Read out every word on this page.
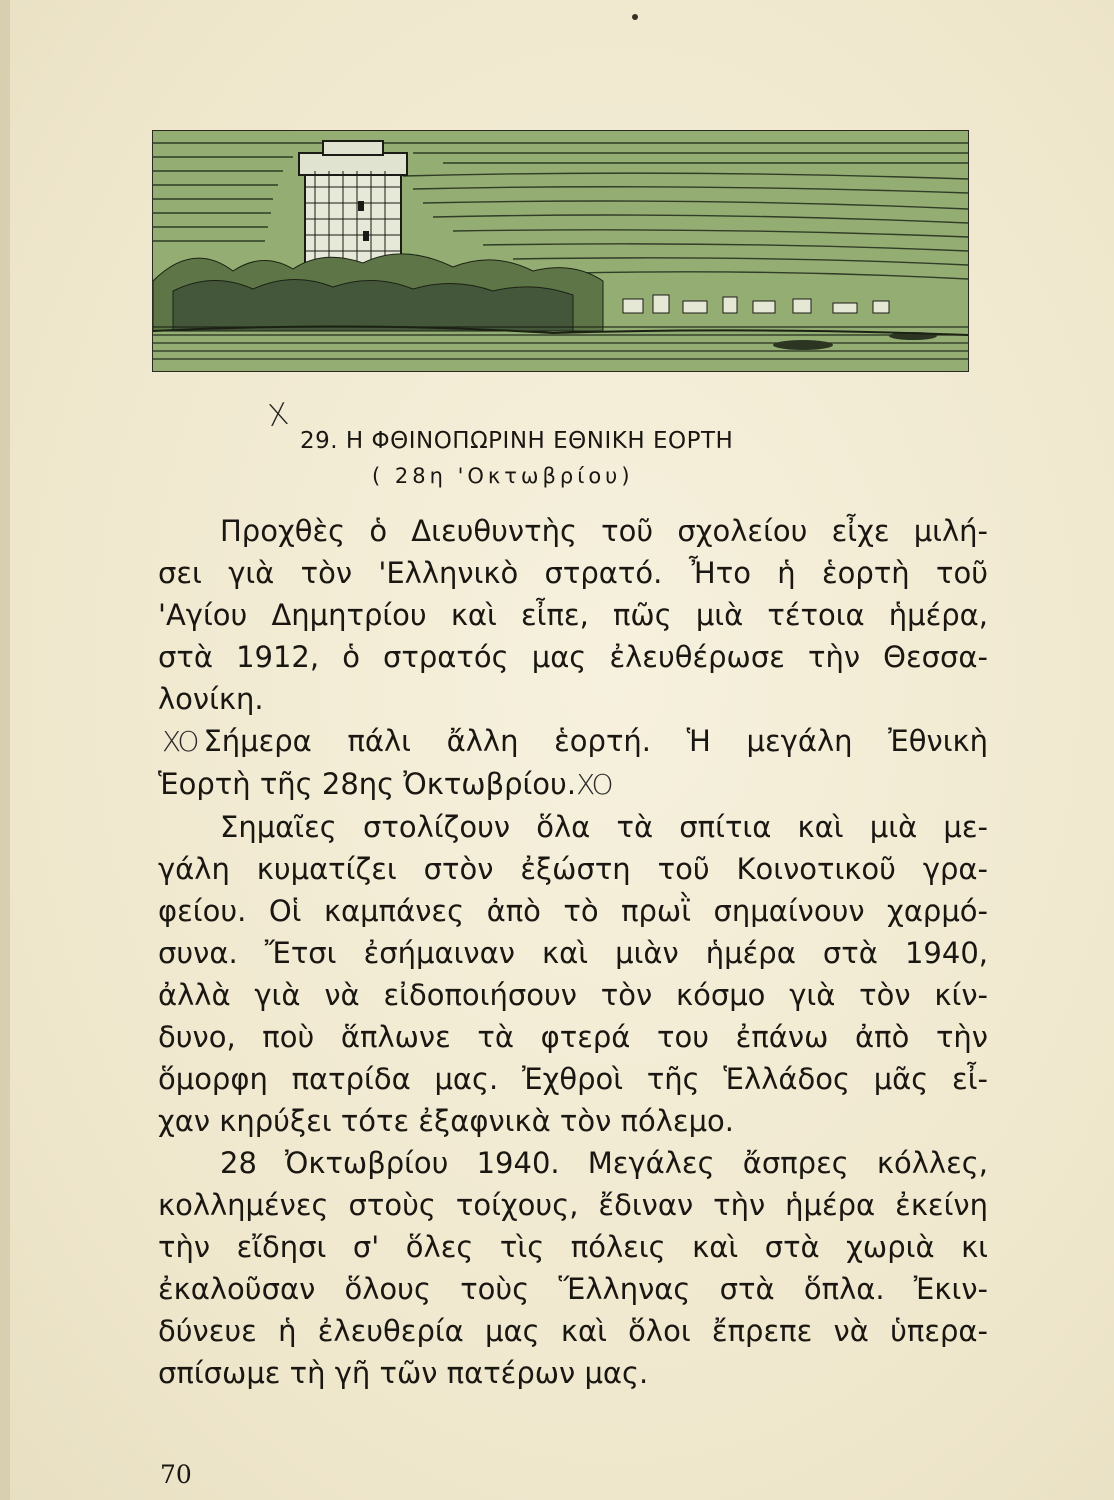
X
29. Η ΦΘΙΝΟΠΩΡΙΝΗ ΕΘΝΙΚΗ ΕΟΡΤΗ
( 28η 'Οκτωβρίου)
Προχθὲς ὁ Διευθυντὴς τοῦ σχολείου εἶχε μιλή-
σει γιὰ τὸν 'Ελληνικὸ στρατό. Ἦτο ἡ ἑορτὴ τοῦ
'Αγίου Δημητρίου καὶ εἶπε, πῶς μιὰ τέτοια ἡμέρα,
στὰ 1912, ὁ στρατός μας ἐλευθέρωσε τὴν Θεσσα-
λονίκη.
XO Σήμερα πάλι ἄλλη ἑορτή. Ἡ μεγάλη Ἐθνικὴ
Ἑορτὴ τῆς 28ης Ὀκτωβρίου.XO
Σημαῖες στολίζουν ὅλα τὰ σπίτια καὶ μιὰ με-
γάλη κυματίζει στὸν ἐξώστη τοῦ Κοινοτικοῦ γρα-
φείου. Οἱ καμπάνες ἀπὸ τὸ πρωῒ σημαίνουν χαρμό-
συνα. Ἔτσι ἐσήμαιναν καὶ μιὰν ἡμέρα στὰ 1940,
ἀλλὰ γιὰ νὰ εἰδοποιήσουν τὸν κόσμο γιὰ τὸν κίν-
δυνο, ποὺ ἅπλωνε τὰ φτερά του ἐπάνω ἀπὸ τὴν
ὅμορφη πατρίδα μας. Ἐχθροὶ τῆς Ἑλλάδος μᾶς εἶ-
χαν κηρύξει τότε ἐξαφνικὰ τὸν πόλεμο.
28 Ὀκτωβρίου 1940. Μεγάλες ἄσπρες κόλλες,
κολλημένες στοὺς τοίχους, ἔδιναν τὴν ἡμέρα ἐκείνη
τὴν εἴδησι σ' ὅλες τὶς πόλεις καὶ στὰ χωριὰ κι
ἐκαλοῦσαν ὅλους τοὺς Ἕλληνας στὰ ὅπλα. Ἐκιν-
δύνευε ἡ ἐλευθερία μας καὶ ὅλοι ἔπρεπε νὰ ὑπερα-
σπίσωμε τὴ γῆ τῶν πατέρων μας.
70
